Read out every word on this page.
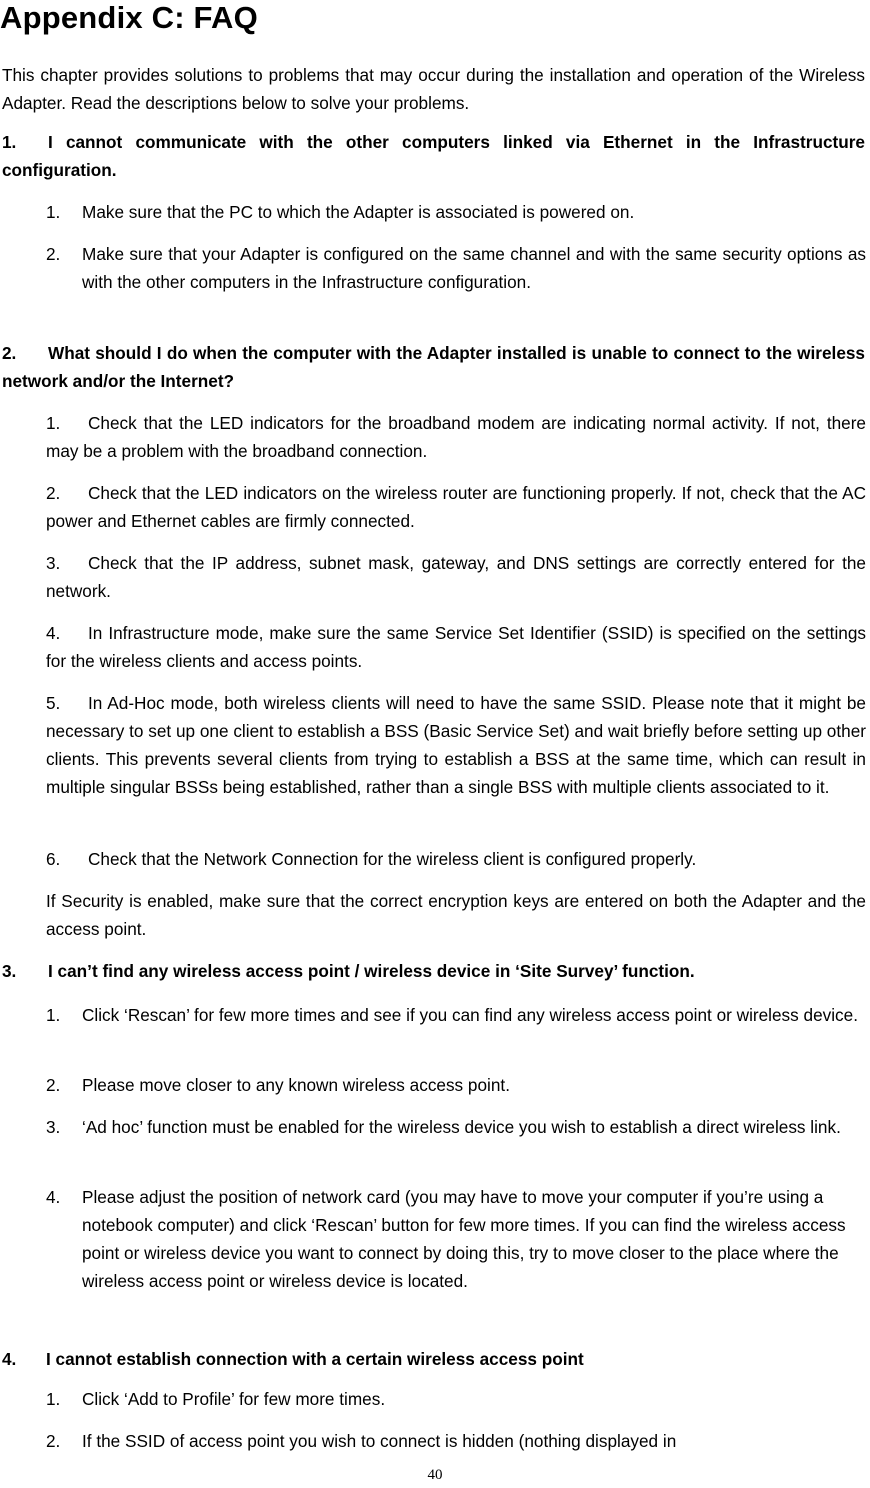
Appendix C: FAQ

This chapter provides solutions to problems that may occur during the installation and operation of the Wireless Adapter. Read the descriptions below to solve your problems.

1. I cannot communicate with the other computers linked via Ethernet in the Infrastructure configuration.

1.	Make sure that the PC to which the Adapter is associated is powered on.
2.	Make sure that your Adapter is configured on the same channel and with the same security options as with the other computers in the Infrastructure configuration.

2. What should I do when the computer with the Adapter installed is unable to connect to the wireless network and/or the Internet?

1. Check that the LED indicators for the broadband modem are indicating normal activity. If not, there may be a problem with the broadband connection.

2. Check that the LED indicators on the wireless router are functioning properly. If not, check that the AC power and Ethernet cables are firmly connected.

3. Check that the IP address, subnet mask, gateway, and DNS settings are correctly entered for the network.

4. In Infrastructure mode, make sure the same Service Set Identifier (SSID) is specified on the settings for the wireless clients and access points.

5. In Ad-Hoc mode, both wireless clients will need to have the same SSID. Please note that it might be necessary to set up one client to establish a BSS (Basic Service Set) and wait briefly before setting up other clients. This prevents several clients from trying to establish a BSS at the same time, which can result in multiple singular BSSs being established, rather than a single BSS with multiple clients associated to it.

6. Check that the Network Connection for the wireless client is configured properly.

If Security is enabled, make sure that the correct encryption keys are entered on both the Adapter and the access point.

3. I can’t find any wireless access point / wireless device in ‘Site Survey’ function.

1.	Click ‘Rescan’ for few more times and see if you can find any wireless access point or wireless device.
2.	Please move closer to any known wireless access point.
3.	‘Ad hoc’ function must be enabled for the wireless device you wish to establish a direct wireless link.
4.	Please adjust the position of network card (you may have to move your computer if you’re using a notebook computer) and click ‘Rescan’ button for few more times. If you can find the wireless access point or wireless device you want to connect by doing this, try to move closer to the place where the wireless access point or wireless device is located.

4. I cannot establish connection with a certain wireless access point

1.	Click ‘Add to Profile’ for few more times.
2.	If the SSID of access point you wish to connect is hidden (nothing displayed in
40
